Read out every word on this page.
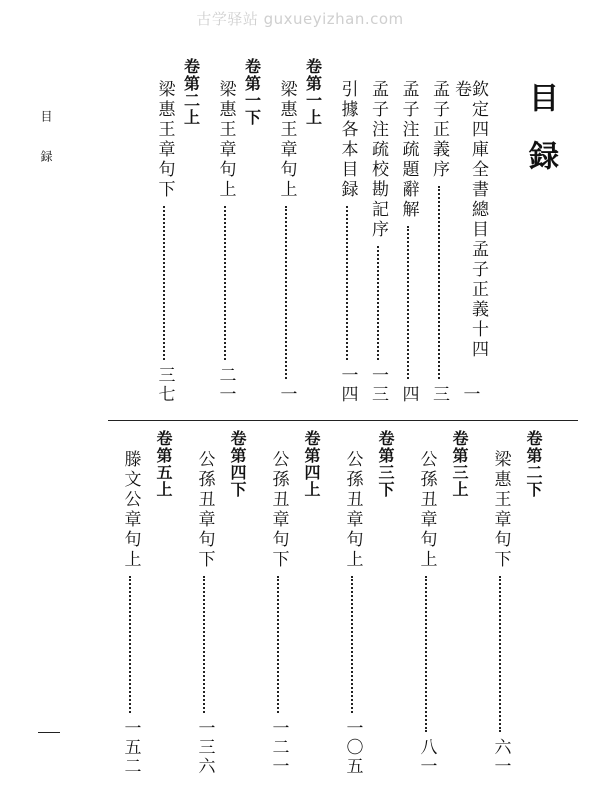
古学驿站 guxueyizhan.com
目録	目録
欽定四庫全書總目孟子正義十四卷
一
孟子正義序
三
孟子注疏題辭解
四
孟子注疏校勘記序
一三
引據各本目録
一四
卷第一上
梁惠王章句上
一
卷第一下
梁惠王章句上
二一
卷第二上
梁惠王章句下
三七
卷第二下
梁惠王章句下
六一
卷第三上
公孫丑章句上
八一
卷第三下
公孫丑章句上
一〇五
卷第四上
公孫丑章句下
一二一
卷第四下
公孫丑章句下
一三六
卷第五上
滕文公章句上
一五二
